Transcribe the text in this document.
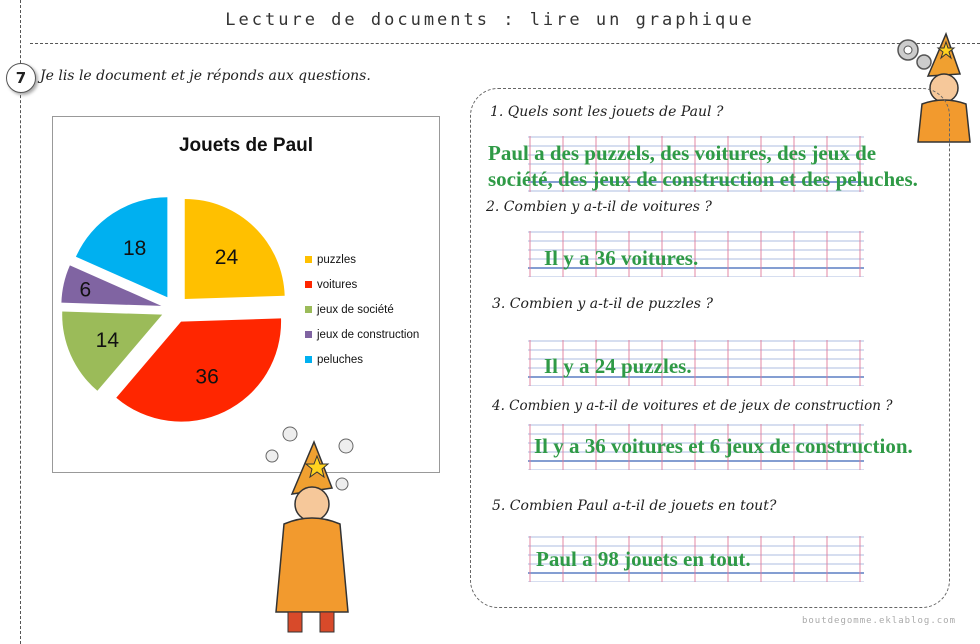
Lecture de documents : lire un graphique
7 Je lis le document et je réponds aux questions.
Jouets de Paul
24
36
14
6
18
puzzles
voitures
jeux de société
jeux de construction
peluches
1. Quels sont les jouets de Paul ?
Paul a des puzzels, des voitures, des jeux de
société, des jeux de construction et des peluches.
2. Combien y a-t-il de voitures ?
Il y a 36 voitures.
3. Combien y a-t-il de puzzles ?
Il y a 24 puzzles.
4. Combien y a-t-il de voitures et de jeux de construction ?
Il y a 36 voitures et 6 jeux de construction.
5. Combien Paul a-t-il de jouets en tout?
Paul a 98 jouets en tout.
boutdegomme.eklablog.com
